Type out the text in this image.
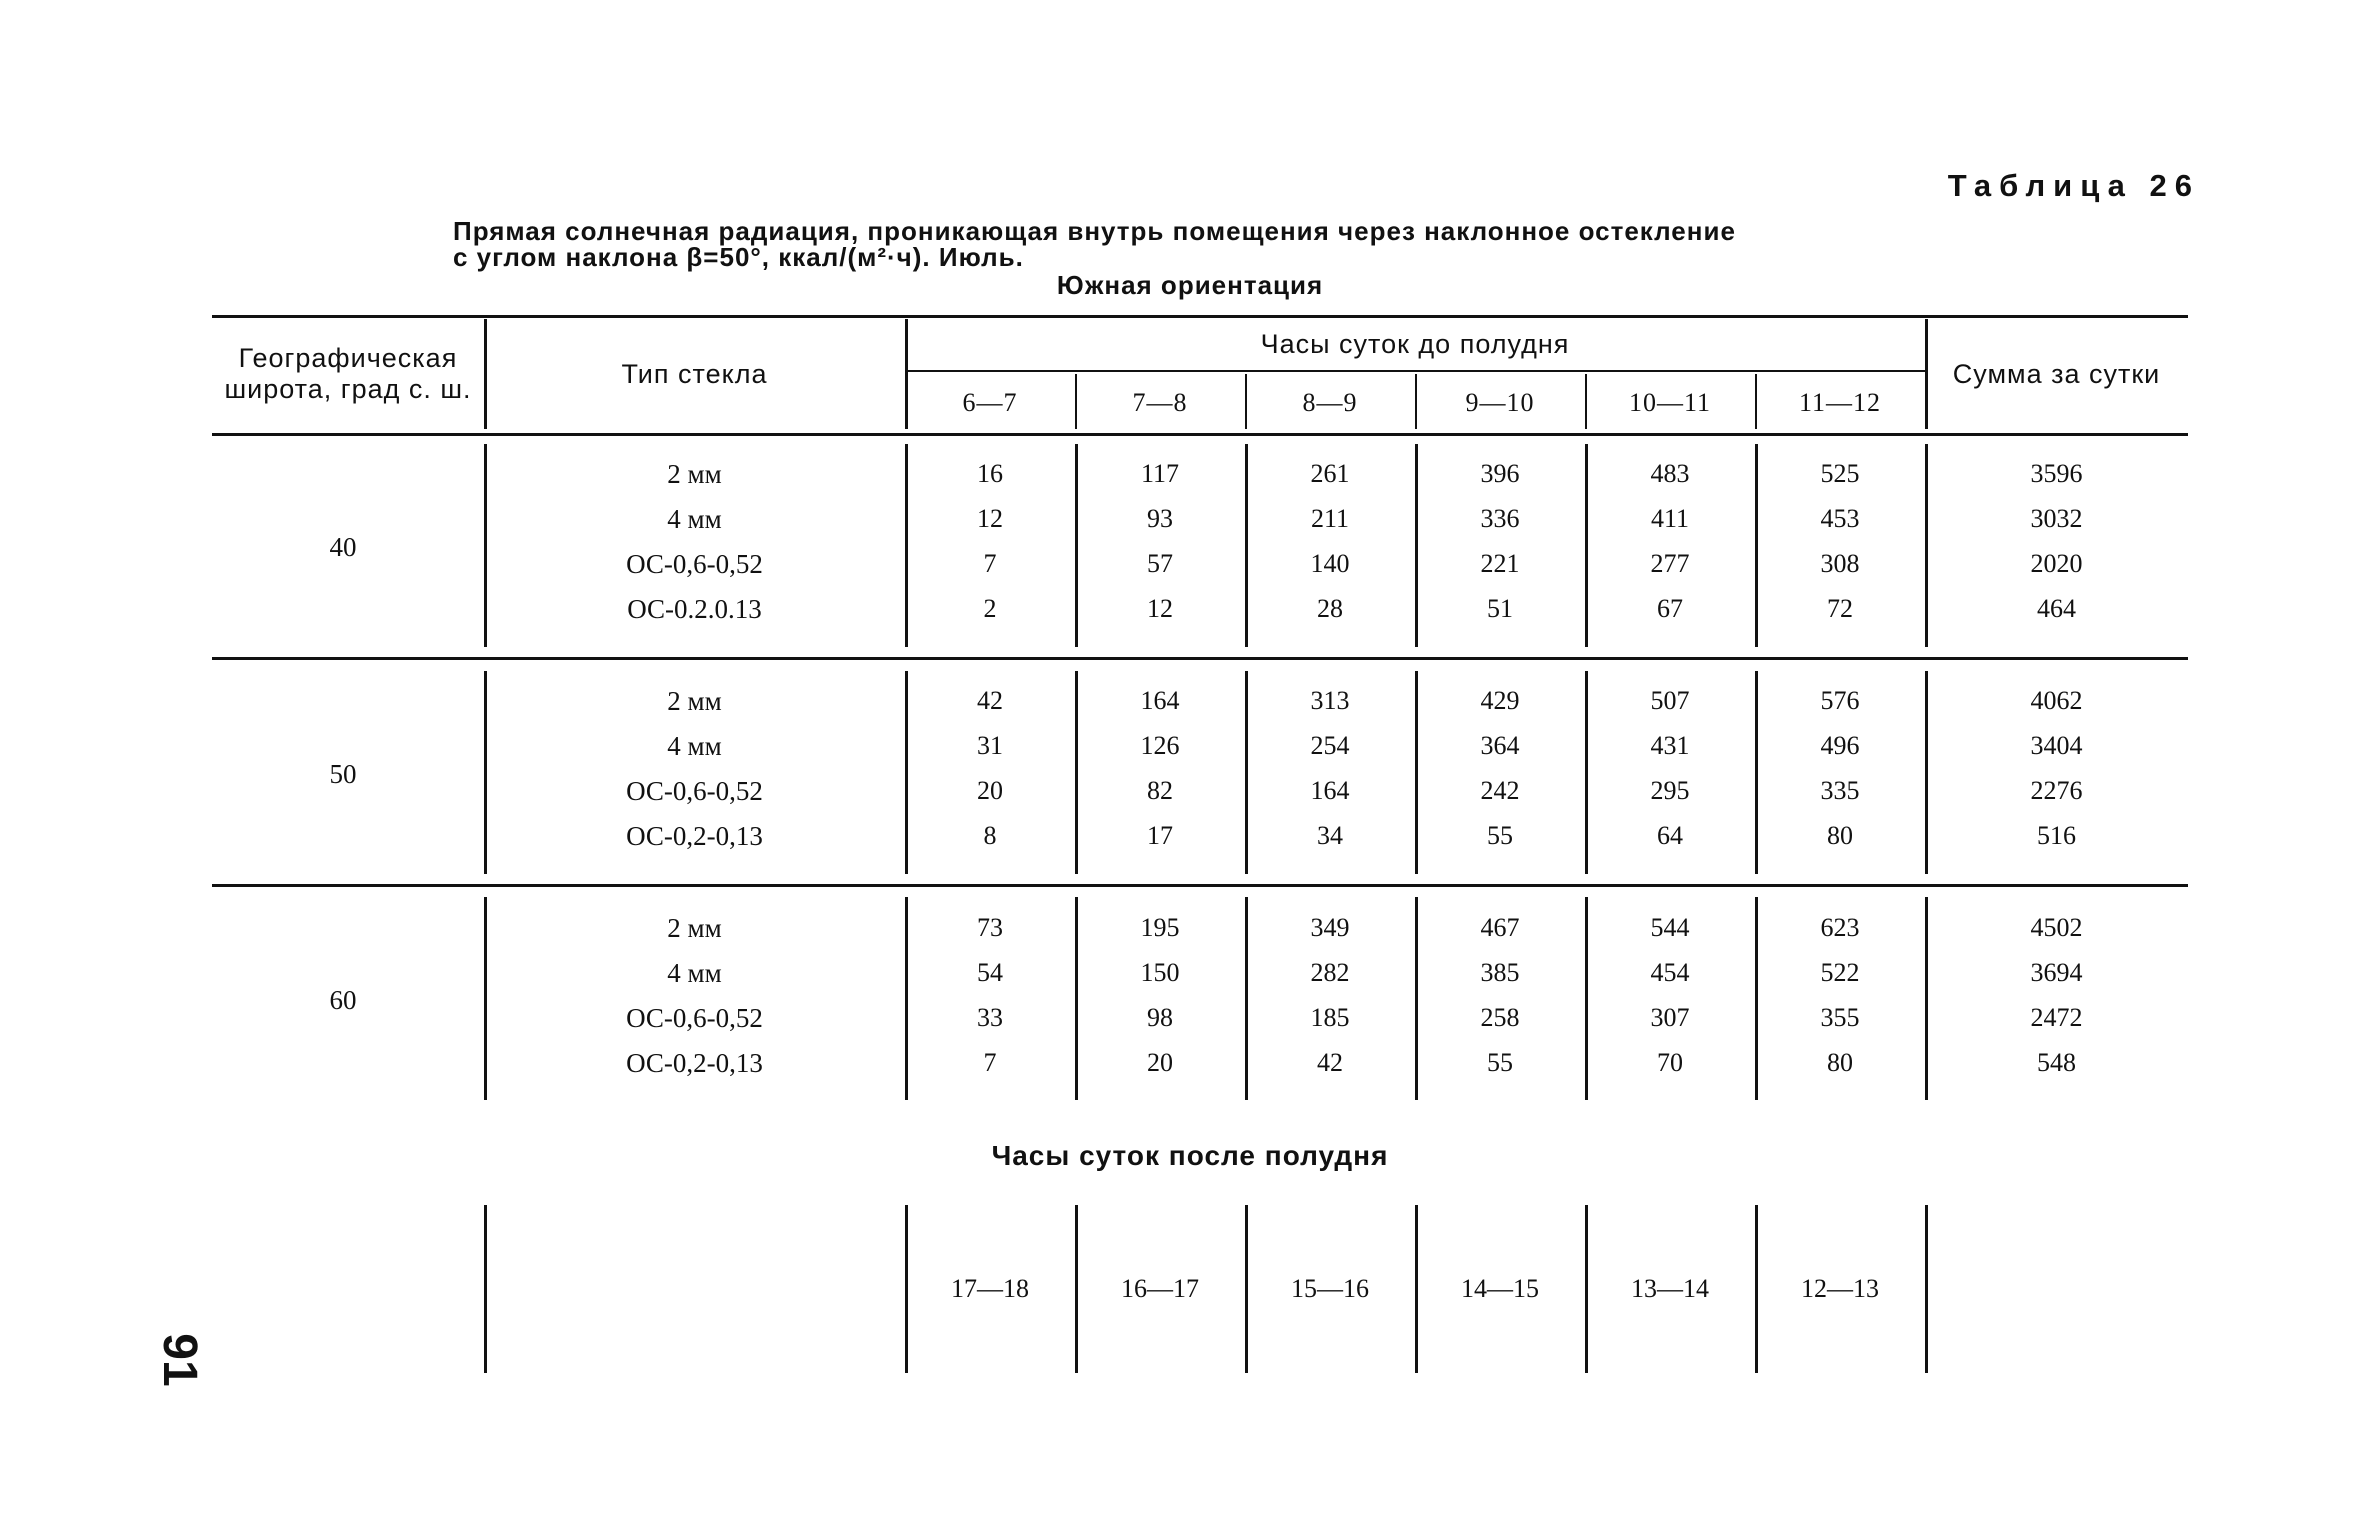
Таблица 26
Прямая солнечная радиация, проникающая внутрь помещения через наклонное остекление
с углом наклона β=50°, ккал/(м²·ч). Июль.
Южная ориентация
Часы суток после полудня
91
Географическая широта, град с. ш.
Тип стекла
Часы суток до полудня
Сумма за сутки
6—7	7—8	8—9	9—10	10—11	11—12
40
2 мм	16	117	261	396	483	525	3596
4 мм	12	93	211	336	411	453	3032
ОС-0,6-0,52	7	57	140	221	277	308	2020
ОС-0.2.0.13	2	12	28	51	67	72	464
50
2 мм	42	164	313	429	507	576	4062
4 мм	31	126	254	364	431	496	3404
ОС-0,6-0,52	20	82	164	242	295	335	2276
ОС-0,2-0,13	8	17	34	55	64	80	516
60
2 мм	73	195	349	467	544	623	4502
4 мм	54	150	282	385	454	522	3694
ОС-0,6-0,52	33	98	185	258	307	355	2472
ОС-0,2-0,13	7	20	42	55	70	80	548
17—18	16—17	15—16	14—15	13—14	12—13
